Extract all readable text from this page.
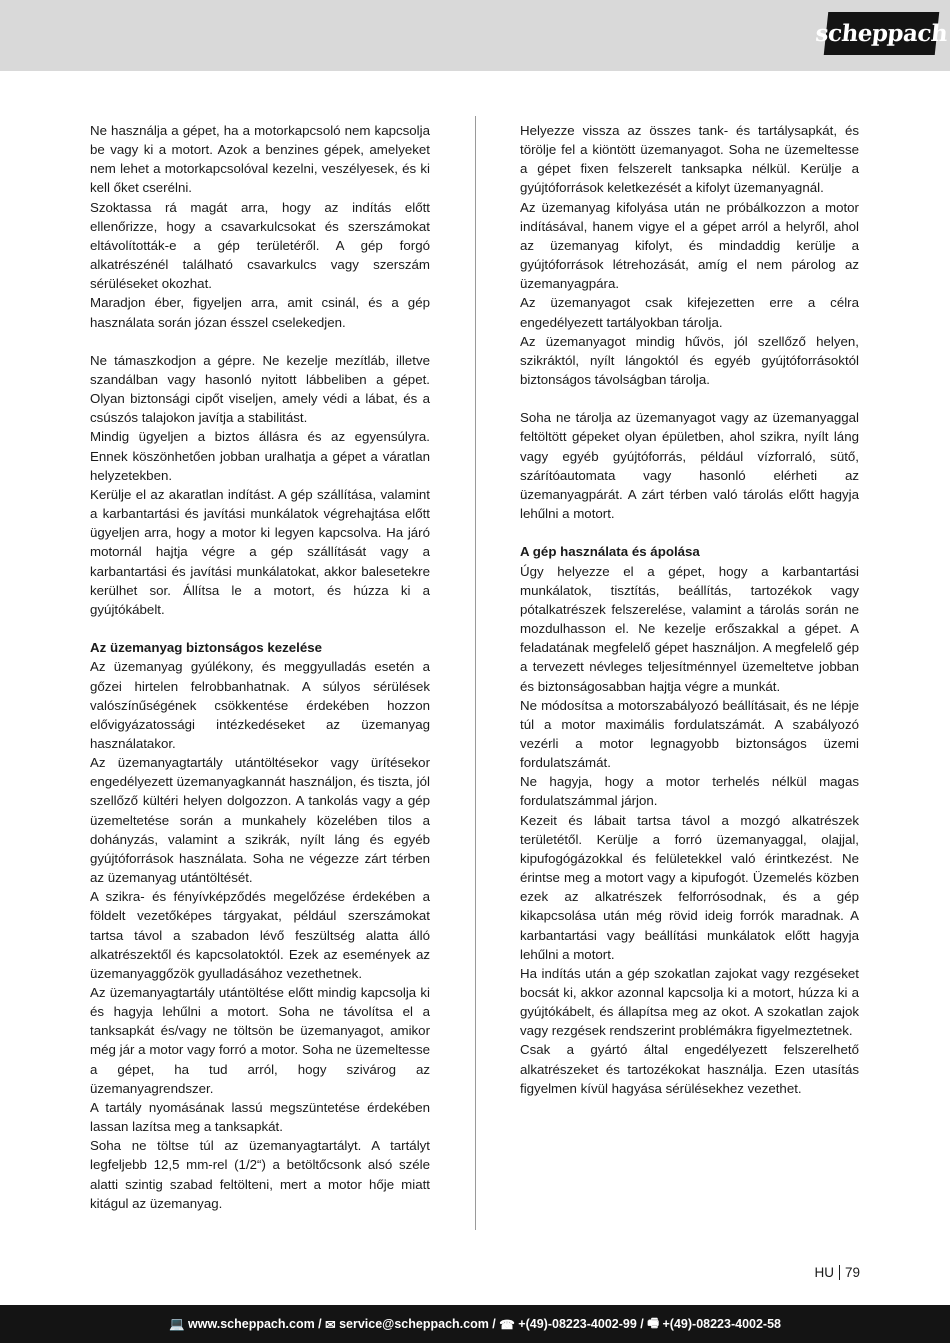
scheppach

Ne használja a gépet, ha a motorkapcsoló nem kapcsolja be vagy ki a motort. Azok a benzines gépek, amelyeket nem lehet a motorkapcsolóval kezelni, veszélyesek, és ki kell őket cserélni.

Szoktassa rá magát arra, hogy az indítás előtt ellenőrizze, hogy a csavarkulcsokat és szerszámokat eltávolították-e a gép területéről. A gép forgó alkatrészénél található csavarkulcs vagy szerszám sérüléseket okozhat.

Maradjon éber, figyeljen arra, amit csinál, és a gép használata során józan ésszel cselekedjen.

Ne támaszkodjon a gépre. Ne kezelje mezítláb, illetve szandálban vagy hasonló nyitott lábbeliben a gépet. Olyan biztonsági cipőt viseljen, amely védi a lábat, és a csúszós talajokon javítja a stabilitást.

Mindig ügyeljen a biztos állásra és az egyensúlyra. Ennek köszönhetően jobban uralhatja a gépet a váratlan helyzetekben.

Kerülje el az akaratlan indítást. A gép szállítása, valamint a karbantartási és javítási munkálatok végrehajtása előtt ügyeljen arra, hogy a motor ki legyen kapcsolva. Ha járó motornál hajtja végre a gép szállítását vagy a karbantartási és javítási munkálatokat, akkor balesetekre kerülhet sor. Állítsa le a motort, és húzza ki a gyújtókábelt.

Az üzemanyag biztonságos kezelése

Az üzemanyag gyúlékony, és meggyulladás esetén a gőzei hirtelen felrobbanhatnak. A súlyos sérülések valószínűségének csökkentése érdekében hozzon elővigyázatossági intézkedéseket az üzemanyag használatakor.

Az üzemanyagtartály utántöltésekor vagy ürítésekor engedélyezett üzemanyagkannát használjon, és tiszta, jól szellőző kültéri helyen dolgozzon. A tankolás vagy a gép üzemeltetése során a munkahely közelében tilos a dohányzás, valamint a szikrák, nyílt láng és egyéb gyújtóforrások használata. Soha ne végezze zárt térben az üzemanyag utántöltését.

A szikra- és fényívképződés megelőzése érdekében a földelt vezetőképes tárgyakat, például szerszámokat tartsa távol a szabadon lévő feszültség alatta álló alkatrészektől és kapcsolatoktól. Ezek az események az üzemanyaggőzök gyulladásához vezethetnek.

Az üzemanyagtartály utántöltése előtt mindig kapcsolja ki és hagyja lehűlni a motort. Soha ne távolítsa el a tanksapkát és/vagy ne töltsön be üzemanyagot, amikor még jár a motor vagy forró a motor. Soha ne üzemeltesse a gépet, ha tud arról, hogy szivárog az üzemanyagrendszer.

A tartály nyomásának lassú megszüntetése érdekében lassan lazítsa meg a tanksapkát.

Soha ne töltse túl az üzemanyagtartályt. A tartályt legfeljebb 12,5 mm-rel (1/2“) a betöltőcsonk alsó széle alatti szintig szabad feltölteni, mert a motor hője miatt kitágul az üzemanyag.

Helyezze vissza az összes tank- és tartálysapkát, és törölje fel a kiöntött üzemanyagot. Soha ne üzemeltesse a gépet fixen felszerelt tanksapka nélkül. Kerülje a gyújtóforrások keletkezését a kifolyt üzemanyagnál.

Az üzemanyag kifolyása után ne próbálkozzon a motor indításával, hanem vigye el a gépet arról a helyről, ahol az üzemanyag kifolyt, és mindaddig kerülje a gyújtóforrások létrehozását, amíg el nem párolog az üzemanyagpára.

Az üzemanyagot csak kifejezetten erre a célra engedélyezett tartályokban tárolja.

Az üzemanyagot mindig hűvös, jól szellőző helyen, szikráktól, nyílt lángoktól és egyéb gyújtóforrásoktól biztonságos távolságban tárolja.

Soha ne tárolja az üzemanyagot vagy az üzemanyaggal feltöltött gépeket olyan épületben, ahol szikra, nyílt láng vagy egyéb gyújtóforrás, például vízforraló, sütő, szárítóautomata vagy hasonló elérheti az üzemanyagpárát. A zárt térben való tárolás előtt hagyja lehűlni a motort.

A gép használata és ápolása

Úgy helyezze el a gépet, hogy a karbantartási munkálatok, tisztítás, beállítás, tartozékok vagy pótalkatrészek felszerelése, valamint a tárolás során ne mozdulhasson el. Ne kezelje erőszakkal a gépet. A feladatának megfelelő gépet használjon. A megfelelő gép a tervezett névleges teljesítménnyel üzemeltetve jobban és biztonságosabban hajtja végre a munkát.

Ne módosítsa a motorszabályozó beállításait, és ne lépje túl a motor maximális fordulatszámát. A szabályozó vezérli a motor legnagyobb biztonságos üzemi fordulatszámát.

Ne hagyja, hogy a motor terhelés nélkül magas fordulatszámmal járjon.

Kezeit és lábait tartsa távol a mozgó alkatrészek területétől. Kerülje a forró üzemanyaggal, olajjal, kipufogógázokkal és felületekkel való érintkezést. Ne érintse meg a motort vagy a kipufogót. Üzemelés közben ezek az alkatrészek felforrósodnak, és a gép kikapcsolása után még rövid ideig forrók maradnak. A karbantartási vagy beállítási munkálatok előtt hagyja lehűlni a motort.

Ha indítás után a gép szokatlan zajokat vagy rezgéseket bocsát ki, akkor azonnal kapcsolja ki a motort, húzza ki a gyújtókábelt, és állapítsa meg az okot. A szokatlan zajok vagy rezgések rendszerint problémákra figyelmeztetnek.

Csak a gyártó által engedélyezett felszerelhető alkatrészeket és tartozékokat használja. Ezen utasítás figyelmen kívül hagyása sérülésekhez vezethet.

HU 79
💻 www.scheppach.com / ✉ service@scheppach.com / ☎ +(49)-08223-4002-99 / 🖷 +(49)-08223-4002-58
